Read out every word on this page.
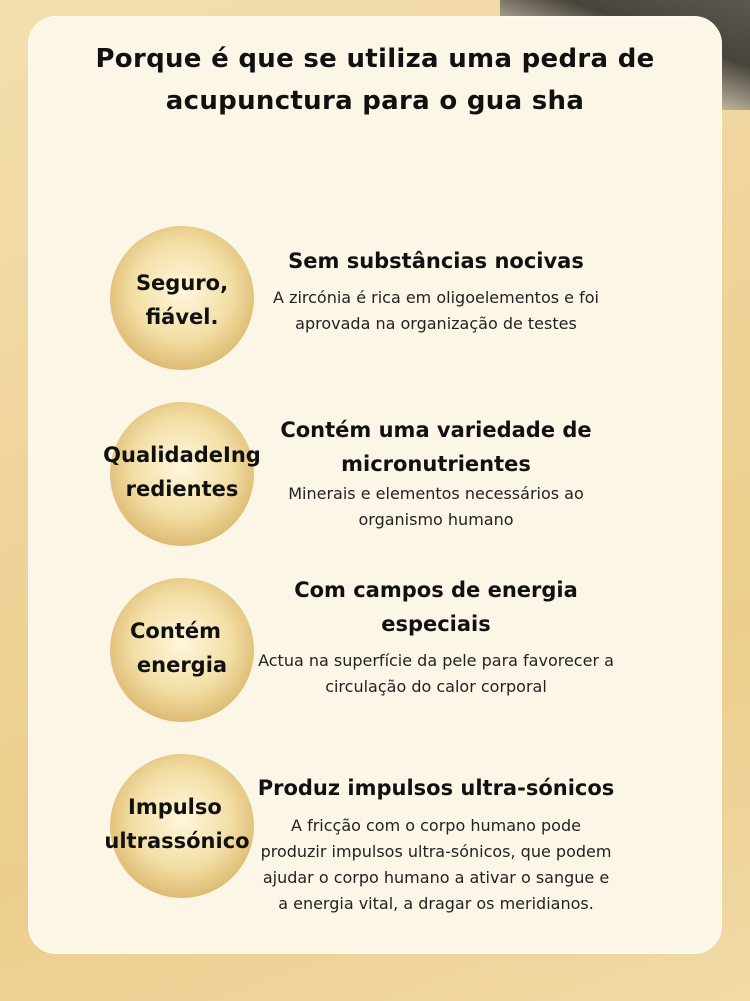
Porque é que se utiliza uma pedra de
acupunctura para o gua sha
Seguro,
fiável.
Sem substâncias nocivas
A zircónia é rica em oligoelementos e foi
aprovada na organização de testes
QualidadeIng
redientes
Contém uma variedade de
micronutrientes
Minerais e elementos necessários ao
organismo humano
Contém
energia
Com campos de energia
especiais
Actua na superfície da pele para favorecer a
circulação do calor corporal
Impulso
ultrassónico
Produz impulsos ultra-sónicos
A fricção com o corpo humano pode
produzir impulsos ultra-sónicos, que podem
ajudar o corpo humano a ativar o sangue e
a energia vital, a dragar os meridianos.
